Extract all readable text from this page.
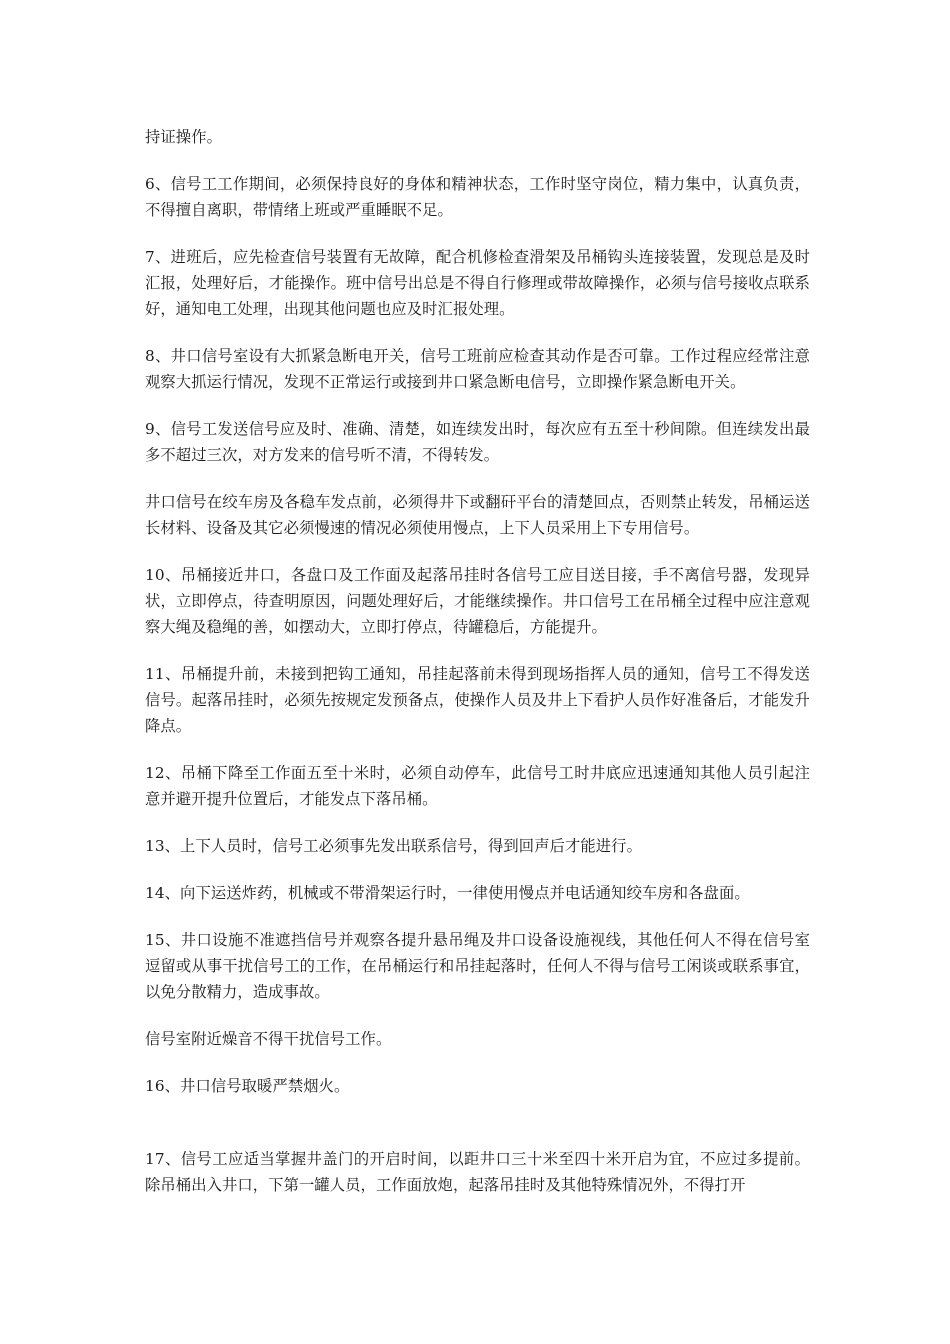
持证操作。

6、信号工工作期间，必须保持良好的身体和精神状态，工作时坚守岗位，精力集中，认真负责，不得擅自离职，带情绪上班或严重睡眠不足。

7、进班后，应先检查信号装置有无故障，配合机修检查滑架及吊桶钩头连接装置，发现总是及时汇报，处理好后，才能操作。班中信号出总是不得自行修理或带故障操作，必须与信号接收点联系好，通知电工处理，出现其他问题也应及时汇报处理。

8、井口信号室设有大抓紧急断电开关，信号工班前应检查其动作是否可靠。工作过程应经常注意观察大抓运行情况，发现不正常运行或接到井口紧急断电信号，立即操作紧急断电开关。

9、信号工发送信号应及时、准确、清楚，如连续发出时，每次应有五至十秒间隙。但连续发出最多不超过三次，对方发来的信号听不清，不得转发。

井口信号在绞车房及各稳车发点前，必须得井下或翻矸平台的清楚回点，否则禁止转发，吊桶运送长材料、设备及其它必须慢速的情况必须使用慢点，上下人员采用上下专用信号。

10、吊桶接近井口，各盘口及工作面及起落吊挂时各信号工应目送目接，手不离信号器，发现异状，立即停点，待查明原因，问题处理好后，才能继续操作。井口信号工在吊桶全过程中应注意观察大绳及稳绳的善，如摆动大，立即打停点，待罐稳后，方能提升。

11、吊桶提升前，未接到把钩工通知，吊挂起落前未得到现场指挥人员的通知，信号工不得发送信号。起落吊挂时，必须先按规定发预备点，使操作人员及井上下看护人员作好准备后，才能发升降点。

12、吊桶下降至工作面五至十米时，必须自动停车，此信号工时井底应迅速通知其他人员引起注意并避开提升位置后，才能发点下落吊桶。

13、上下人员时，信号工必须事先发出联系信号，得到回声后才能进行。

14、向下运送炸药，机械或不带滑架运行时，一律使用慢点并电话通知绞车房和各盘面。

15、井口设施不准遮挡信号并观察各提升悬吊绳及井口设备设施视线，其他任何人不得在信号室逗留或从事干扰信号工的工作，在吊桶运行和吊挂起落时，任何人不得与信号工闲谈或联系事宜，以免分散精力，造成事故。

信号室附近燥音不得干扰信号工作。

16、井口信号取暖严禁烟火。

17、信号工应适当掌握井盖门的开启时间，以距井口三十米至四十米开启为宜，不应过多提前。除吊桶出入井口，下第一罐人员，工作面放炮，起落吊挂时及其他特殊情况外，不得打开
